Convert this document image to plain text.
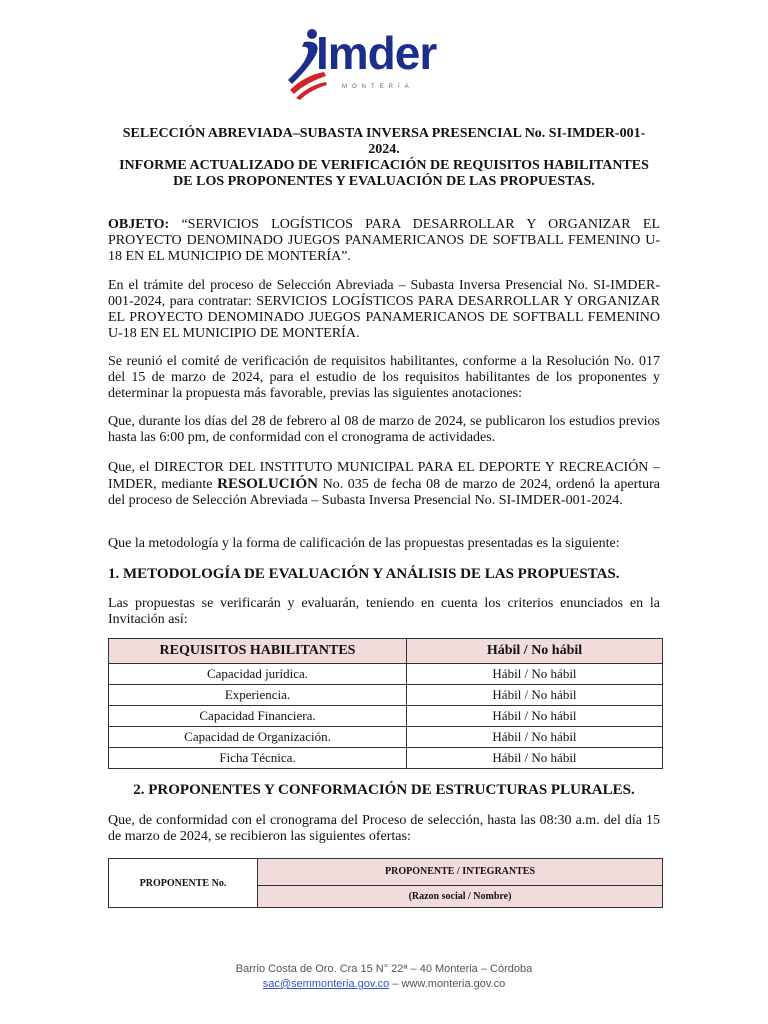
Imder
MONTERÍA
SELECCIÓN ABREVIADA–SUBASTA INVERSA PRESENCIAL No. SI-IMDER-001-2024.
INFORME ACTUALIZADO DE VERIFICACIÓN DE REQUISITOS HABILITANTES DE LOS PROPONENTES Y EVALUACIÓN DE LAS PROPUESTAS.
OBJETO: “SERVICIOS LOGÍSTICOS PARA DESARROLLAR Y ORGANIZAR EL PROYECTO DENOMINADO JUEGOS PANAMERICANOS DE SOFTBALL FEMENINO U-18 EN EL MUNICIPIO DE MONTERÍA”.
En el trámite del proceso de Selección Abreviada – Subasta Inversa Presencial No. SI-IMDER-001-2024, para contratar: SERVICIOS LOGÍSTICOS PARA DESARROLLAR Y ORGANIZAR EL PROYECTO DENOMINADO JUEGOS PANAMERICANOS DE SOFTBALL FEMENINO U-18 EN EL MUNICIPIO DE MONTERÍA.
Se reunió el comité de verificación de requisitos habilitantes, conforme a la Resolución No. 017 del 15 de marzo de 2024, para el estudio de los requisitos habilitantes de los proponentes y determinar la propuesta más favorable, previas las siguientes anotaciones:
Que, durante los días del 28 de febrero al 08 de marzo de 2024, se publicaron los estudios previos hasta las 6:00 pm, de conformidad con el cronograma de actividades.
Que, el DIRECTOR DEL INSTITUTO MUNICIPAL PARA EL DEPORTE Y RECREACIÓN – IMDER, mediante RESOLUCIÓN No. 035 de fecha 08 de marzo de 2024, ordenó la apertura del proceso de Selección Abreviada – Subasta Inversa Presencial No. SI-IMDER-001-2024.
Que la metodología y la forma de calificación de las propuestas presentadas es la siguiente:
1. METODOLOGÍA DE EVALUACIÓN Y ANÁLISIS DE LAS PROPUESTAS.
Las propuestas se verificarán y evaluarán, teniendo en cuenta los criterios enunciados en la Invitación así:
REQUISITOS HABILITANTES	Hábil / No hábil
Capacidad jurídica.	Hábil / No hábil
Experiencia.	Hábil / No hábil
Capacidad Financiera.	Hábil / No hábil
Capacidad de Organización.	Hábil / No hábil
Ficha Técnica.	Hábil / No hábil
2. PROPONENTES Y CONFORMACIÓN DE ESTRUCTURAS PLURALES.
Que, de conformidad con el cronograma del Proceso de selección, hasta las 08:30 a.m. del día 15 de marzo de 2024, se recibieron las siguientes ofertas:
PROPONENTE No.	PROPONENTE / INTEGRANTES
(Razon social / Nombre)
Barrio Costa de Oro. Cra 15 N° 22ª – 40 Monteria – Córdoba
sac@semmonteria.gov.co – www.monteria.gov.co
